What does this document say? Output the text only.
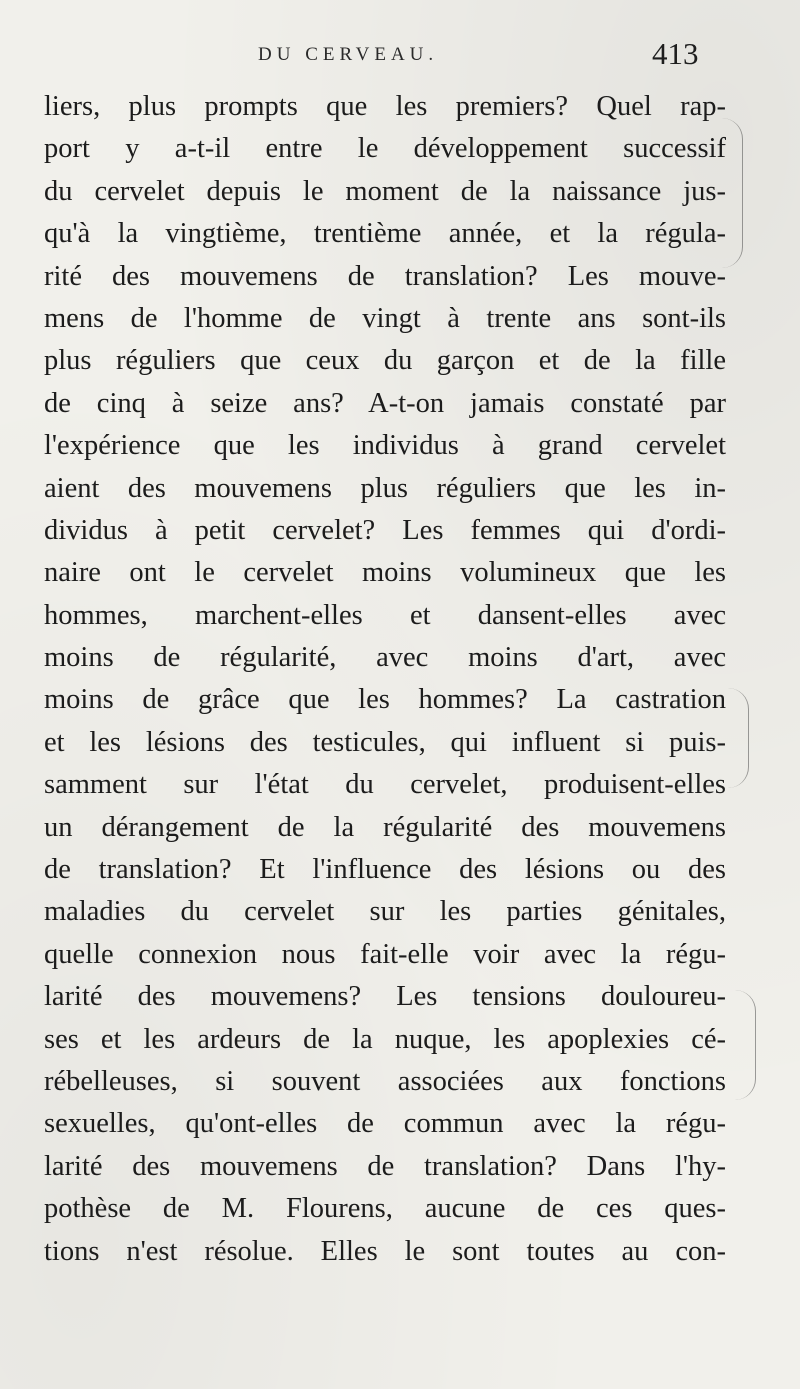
DU CERVEAU.	413
liers, plus prompts que les premiers? Quel rap-
port y a-t-il entre le développement successif
du cervelet depuis le moment de la naissance jus-
qu'à la vingtième, trentième année, et la régula-
rité des mouvemens de translation? Les mouve-
mens de l'homme de vingt à trente ans sont-ils
plus réguliers que ceux du garçon et de la fille
de cinq à seize ans? A-t-on jamais constaté par
l'expérience que les individus à grand cervelet
aient des mouvemens plus réguliers que les in-
dividus à petit cervelet? Les femmes qui d'ordi-
naire ont le cervelet moins volumineux que les
hommes, marchent-elles et dansent-elles avec
moins de régularité, avec moins d'art, avec
moins de grâce que les hommes? La castration
et les lésions des testicules, qui influent si puis-
samment sur l'état du cervelet, produisent-elles
un dérangement de la régularité des mouvemens
de translation? Et l'influence des lésions ou des
maladies du cervelet sur les parties génitales,
quelle connexion nous fait-elle voir avec la régu-
larité des mouvemens? Les tensions douloureu-
ses et les ardeurs de la nuque, les apoplexies cé-
rébelleuses, si souvent associées aux fonctions
sexuelles, qu'ont-elles de commun avec la régu-
larité des mouvemens de translation? Dans l'hy-
pothèse de M. Flourens, aucune de ces ques-
tions n'est résolue. Elles le sont toutes au con-
